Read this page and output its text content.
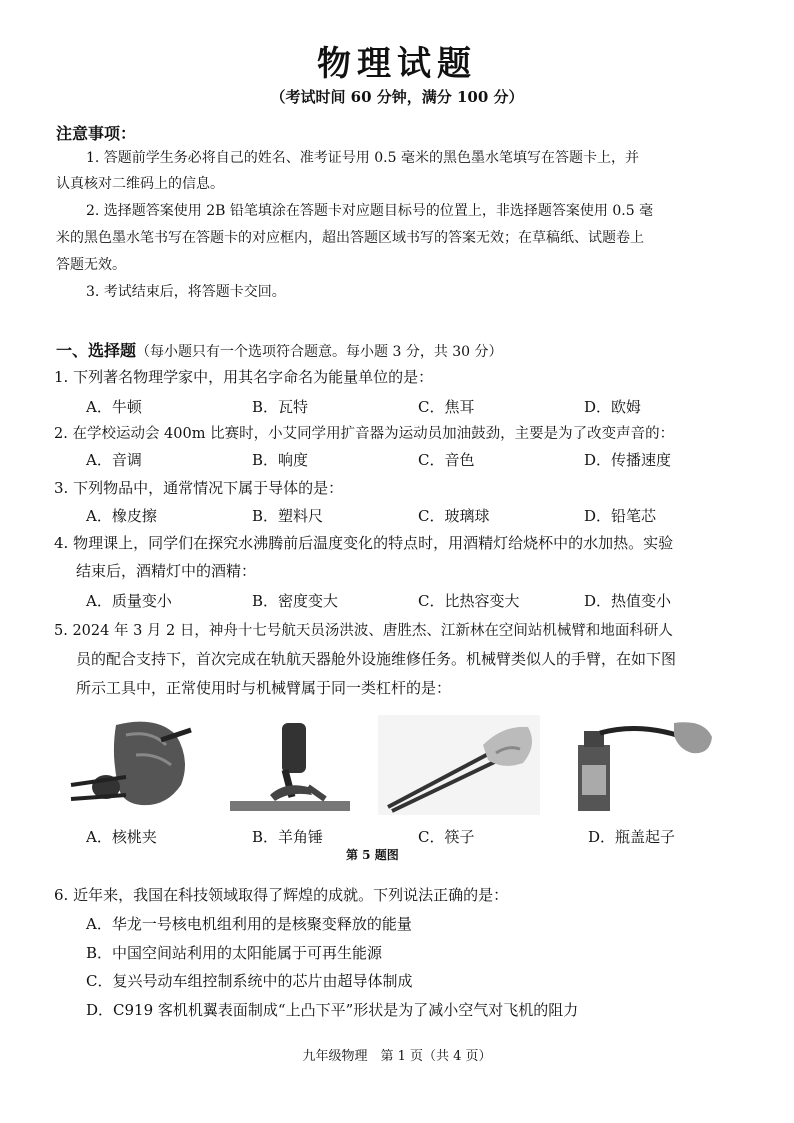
物理试题
（考试时间 60 分钟，满分 100 分）
注意事项：
1. 答题前学生务必将自己的姓名、准考证号用 0.5 毫米的黑色墨水笔填写在答题卡上，并
认真核对二维码上的信息。
2. 选择题答案使用 2B 铅笔填涂在答题卡对应题目标号的位置上，非选择题答案使用 0.5 毫
米的黑色墨水笔书写在答题卡的对应框内，超出答题区域书写的答案无效；在草稿纸、试题卷上
答题无效。
3. 考试结束后，将答题卡交回。
一、选择题（每小题只有一个选项符合题意。每小题 3 分，共 30 分）
1. 下列著名物理学家中，用其名字命名为能量单位的是：
A．牛顿	B．瓦特	C．焦耳	D．欧姆
2. 在学校运动会 400m 比赛时，小艾同学用扩音器为运动员加油鼓劲，主要是为了改变声音的：
A．音调	B．响度	C．音色	D．传播速度
3. 下列物品中，通常情况下属于导体的是：
A．橡皮擦	B．塑料尺	C．玻璃球	D．铅笔芯
4. 物理课上，同学们在探究水沸腾前后温度变化的特点时，用酒精灯给烧杯中的水加热。实验
结束后，酒精灯中的酒精：
A．质量变小	B．密度变大	C．比热容变大	D．热值变小
5. 2024 年 3 月 2 日，神舟十七号航天员汤洪波、唐胜杰、江新林在空间站机械臂和地面科研人
员的配合支持下，首次完成在轨航天器舱外设施维修任务。机械臂类似人的手臂，在如下图
所示工具中，正常使用时与机械臂属于同一类杠杆的是：
A．核桃夹	B．羊角锤	C．筷子	D．瓶盖起子
第 5 题图
6. 近年来，我国在科技领域取得了辉煌的成就。下列说法正确的是：
A．华龙一号核电机组利用的是核聚变释放的能量
B．中国空间站利用的太阳能属于可再生能源
C．复兴号动车组控制系统中的芯片由超导体制成
D．C919 客机机翼表面制成“上凸下平”形状是为了减小空气对飞机的阻力
九年级物理　第 1 页（共 4 页）
